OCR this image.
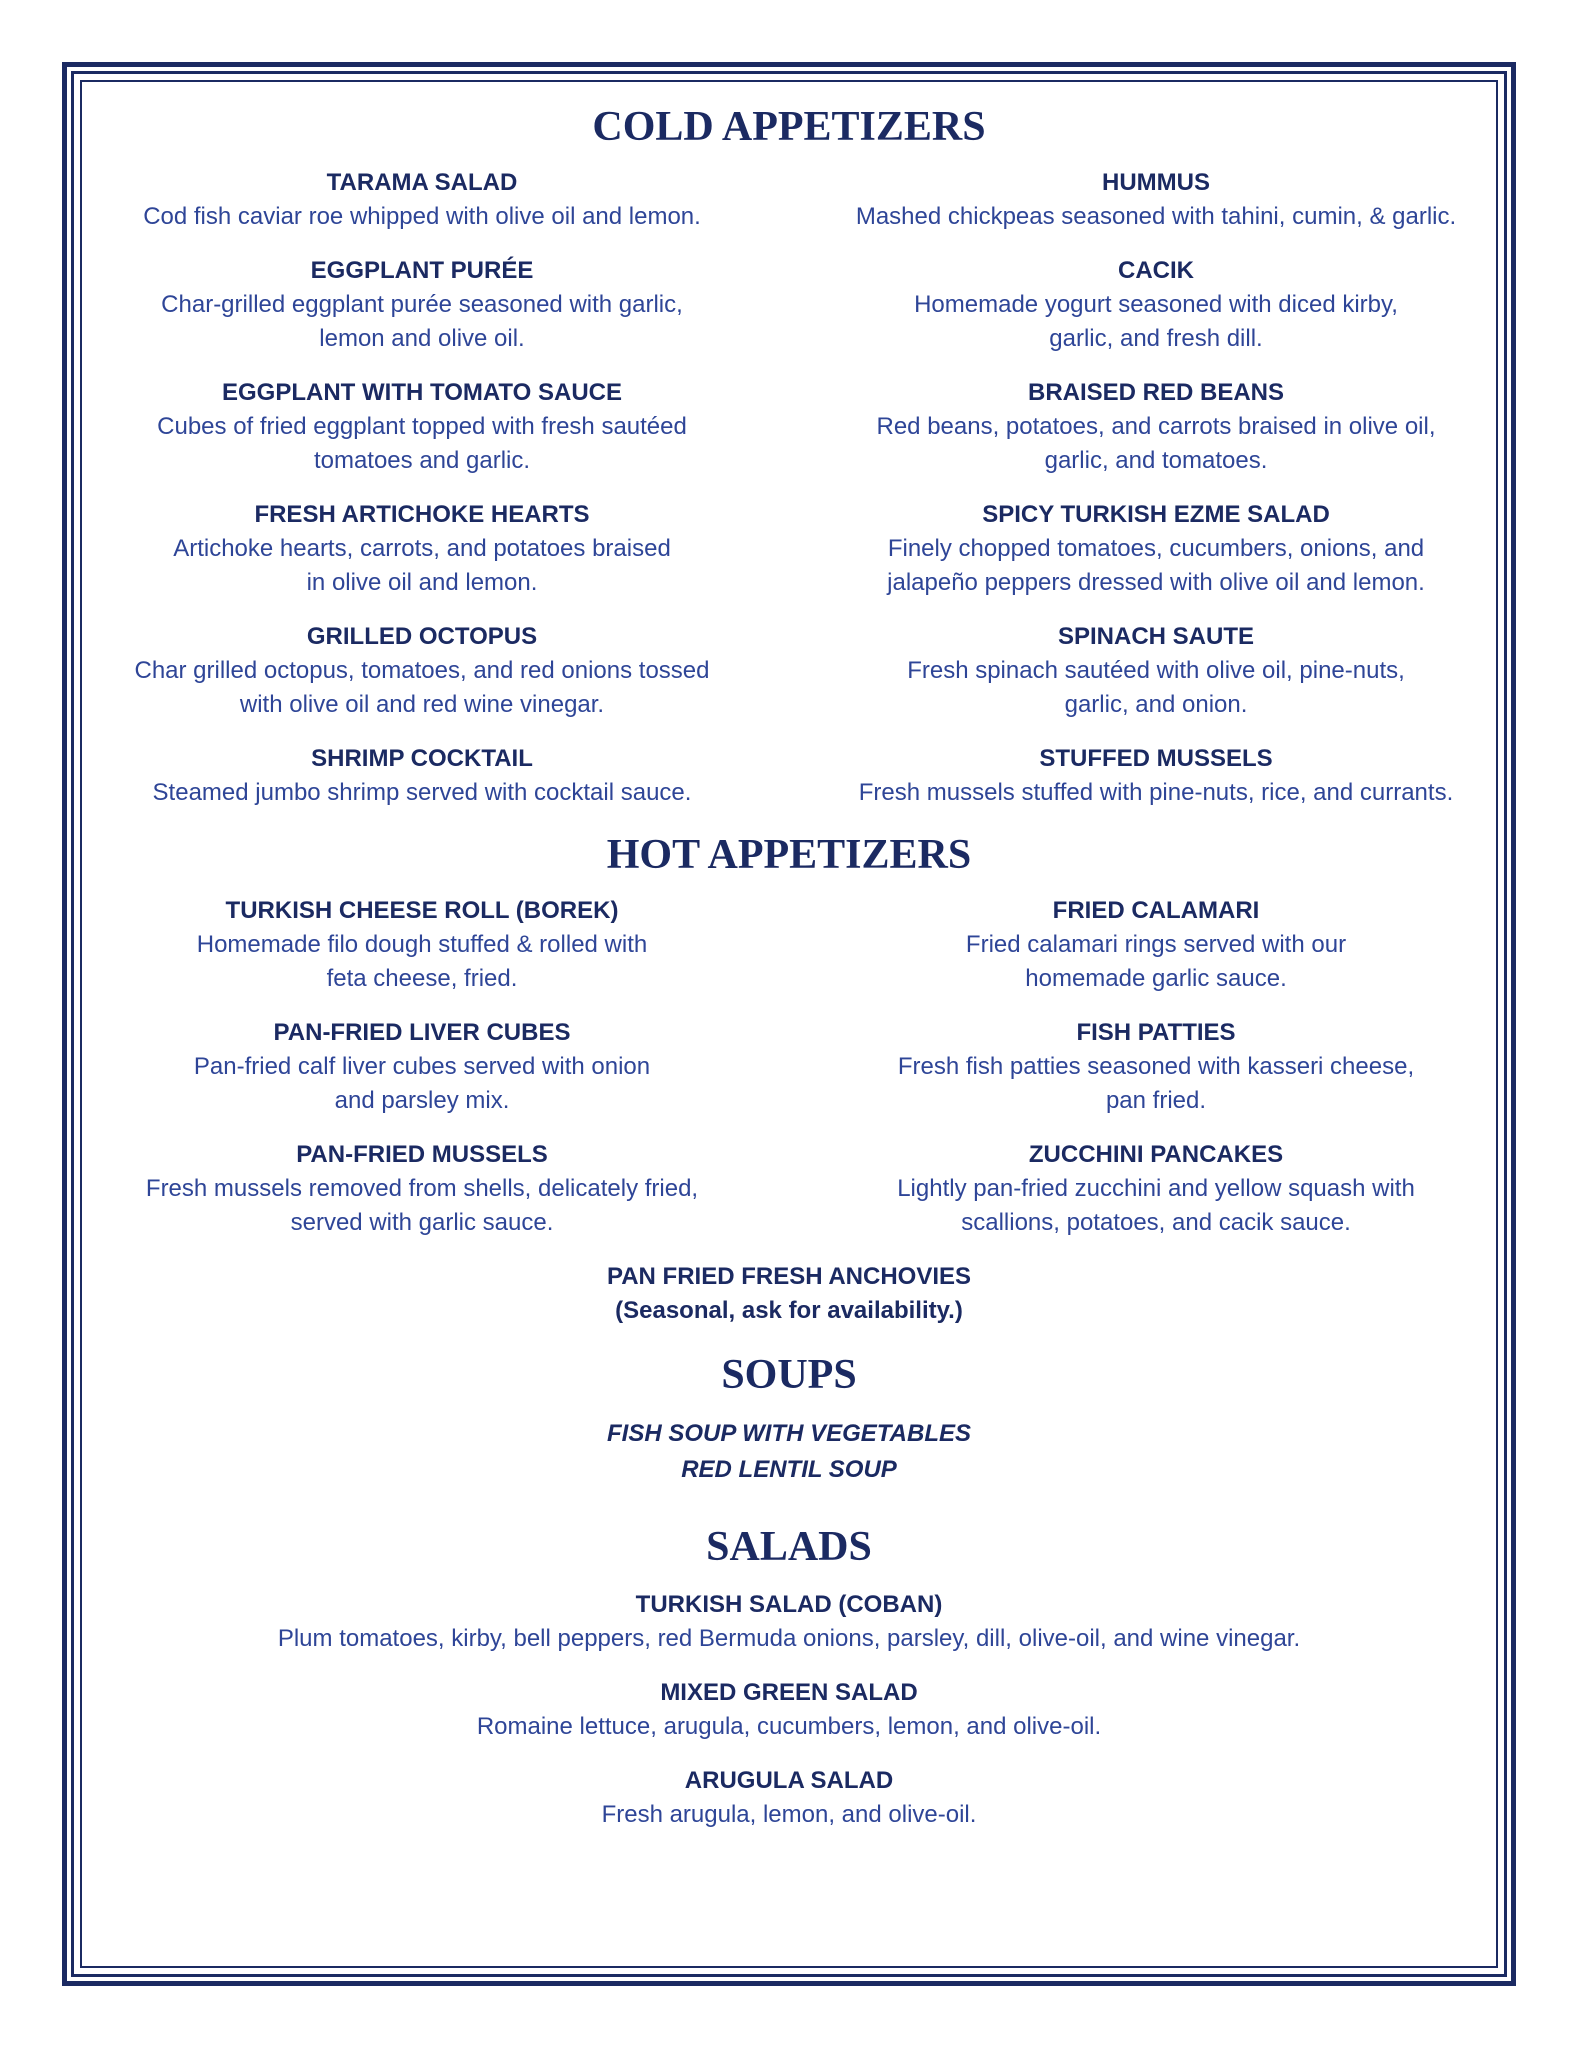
COLD APPETIZERS
TARAMA SALAD
Cod fish caviar roe whipped with olive oil and lemon.
EGGPLANT PURÉE
Char-grilled eggplant purée seasoned with garlic,
lemon and olive oil.
EGGPLANT WITH TOMATO SAUCE
Cubes of fried eggplant topped with fresh sautéed
tomatoes and garlic.
FRESH ARTICHOKE HEARTS
Artichoke hearts, carrots, and potatoes braised
in olive oil and lemon.
GRILLED OCTOPUS
Char grilled octopus, tomatoes, and red onions tossed
with olive oil and red wine vinegar.
SHRIMP COCKTAIL
Steamed jumbo shrimp served with cocktail sauce.
HUMMUS
Mashed chickpeas seasoned with tahini, cumin, & garlic.
CACIK
Homemade yogurt seasoned with diced kirby,
garlic, and fresh dill.
BRAISED RED BEANS
Red beans, potatoes, and carrots braised in olive oil,
garlic, and tomatoes.
SPICY TURKISH EZME SALAD
Finely chopped tomatoes, cucumbers, onions, and
jalapeño peppers dressed with olive oil and lemon.
SPINACH SAUTE
Fresh spinach sautéed with olive oil, pine-nuts,
garlic, and onion.
STUFFED MUSSELS
Fresh mussels stuffed with pine-nuts, rice, and currants.
HOT APPETIZERS
TURKISH CHEESE ROLL (BOREK)
Homemade filo dough stuffed & rolled with
feta cheese, fried.
PAN-FRIED LIVER CUBES
Pan-fried calf liver cubes served with onion
and parsley mix.
PAN-FRIED MUSSELS
Fresh mussels removed from shells, delicately fried,
served with garlic sauce.
FRIED CALAMARI
Fried calamari rings served with our
homemade garlic sauce.
FISH PATTIES
Fresh fish patties seasoned with kasseri cheese,
pan fried.
ZUCCHINI PANCAKES
Lightly pan-fried zucchini and yellow squash with
scallions, potatoes, and cacik sauce.
PAN FRIED FRESH ANCHOVIES
(Seasonal, ask for availability.)
SOUPS
FISH SOUP WITH VEGETABLES
RED LENTIL SOUP
SALADS
TURKISH SALAD (COBAN)
Plum tomatoes, kirby, bell peppers, red Bermuda onions, parsley, dill, olive-oil, and wine vinegar.
MIXED GREEN SALAD
Romaine lettuce, arugula, cucumbers, lemon, and olive-oil.
ARUGULA SALAD
Fresh arugula, lemon, and olive-oil.
